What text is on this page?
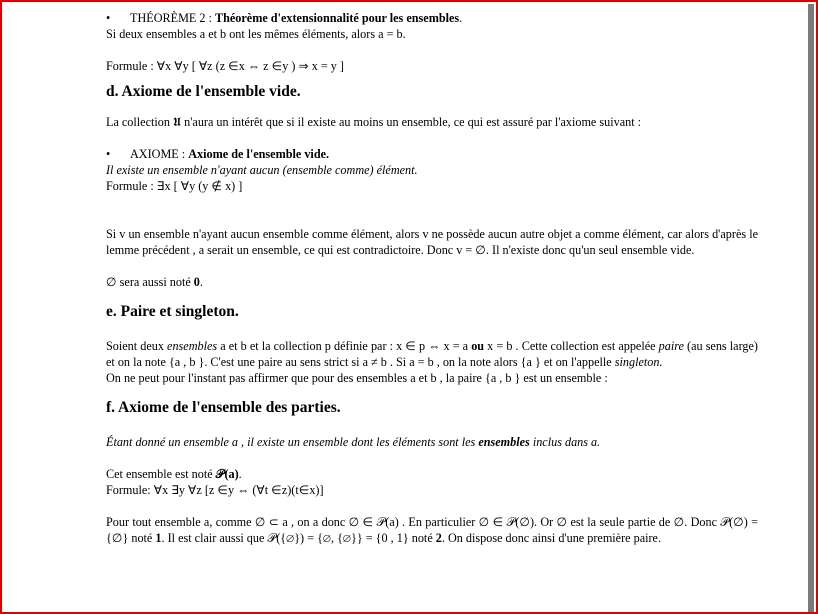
• THÉORÈME 2 : Théorème d'extensionnalité pour les ensembles.

Si deux ensembles a et b ont les mêmes éléments, alors a = b.

Formule : ∀x ∀y [ ∀z (z ∈x ⇔ z ∈y ) ⇒ x = y ]

d. Axiome de l'ensemble vide.

La collection 𝖀 n'aura un intérêt que si il existe au moins un ensemble, ce qui est assuré par l'axiome suivant :

• AXIOME : Axiome de l'ensemble vide.

Il existe un ensemble n'ayant aucun (ensemble comme) élément.

Formule : ∃x [ ∀y (y ∉ x) ]

Si v un ensemble n'ayant aucun ensemble comme élément, alors v ne possède aucun autre objet a comme élément, car alors d'après le lemme précédent , a serait un ensemble, ce qui est contradictoire. Donc v = ∅. Il n'existe donc qu'un seul ensemble vide.

∅ sera aussi noté 0.

e. Paire et singleton.

Soient deux ensembles a et b et la collection p définie par : x ∈ p ⇔ x = a ou x = b . Cette collection est appelée paire (au sens large) et on la note {a , b }. C'est une paire au sens strict si a ≠ b . Si a = b , on la note alors {a } et on l'appelle singleton.

On ne peut pour l'instant pas affirmer que pour des ensembles a et b , la paire {a , b } est un ensemble :

f. Axiome de l'ensemble des parties.

Étant donné un ensemble a , il existe un ensemble dont les éléments sont les ensembles inclus dans a.

Cet ensemble est noté 𝒫(a).

Formule: ∀x ∃y ∀z [z ∈y ⇔ (∀t ∈z)(t∈x)]

Pour tout ensemble a, comme ∅ ⊂ a , on a donc ∅ ∈ 𝒫(a) . En particulier ∅ ∈ 𝒫(∅). Or ∅ est la seule partie de ∅. Donc 𝒫(∅) = {∅} noté 1. Il est clair aussi que 𝒫({∅}) = {∅, {∅}} = {0 , 1} noté 2. On dispose donc ainsi d'une première paire.
